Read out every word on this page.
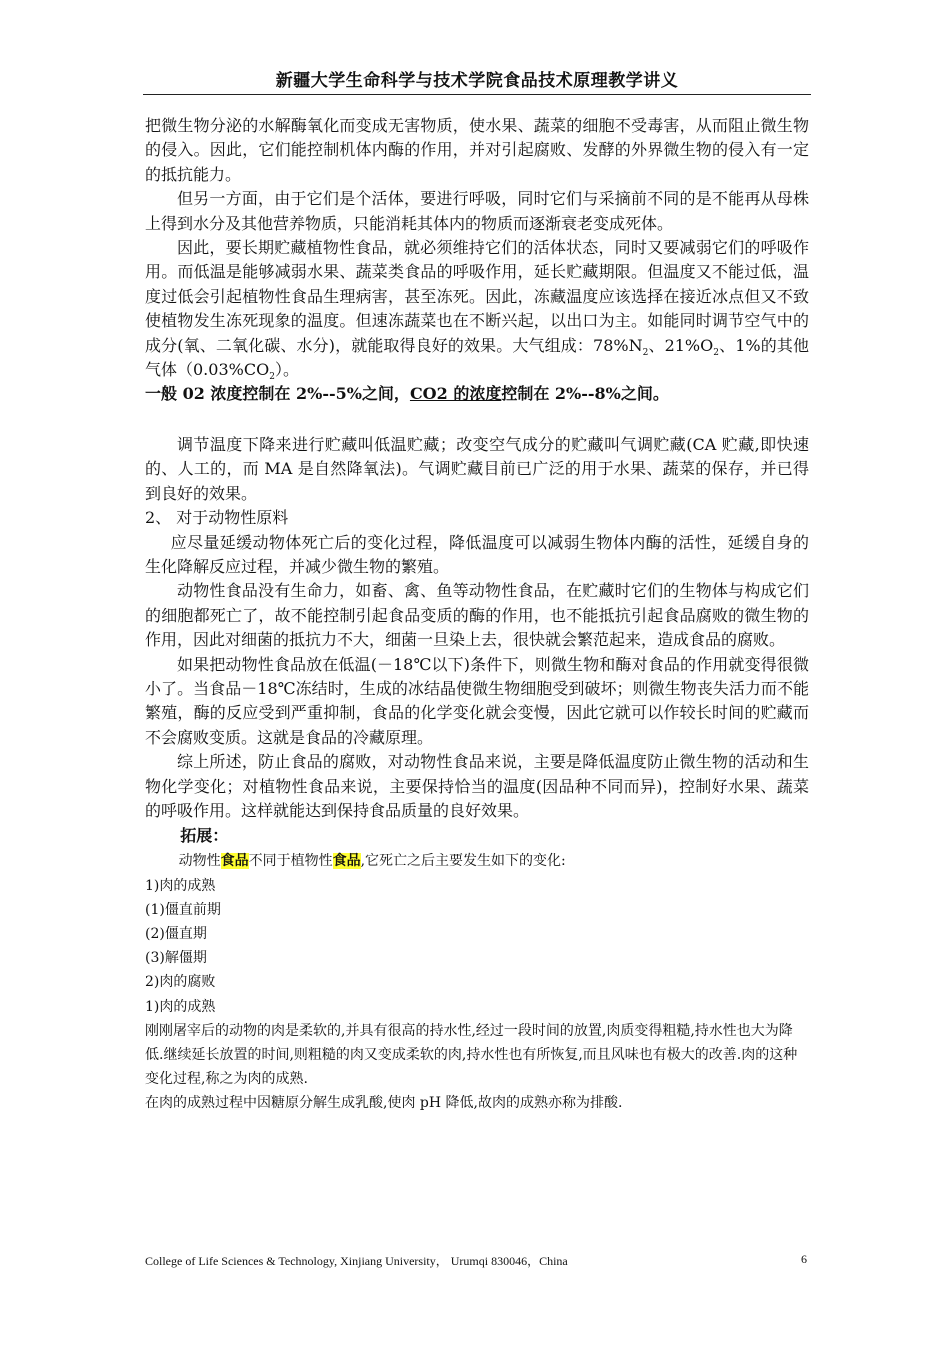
新疆大学生命科学与技术学院食品技术原理教学讲义

把微生物分泌的水解酶氧化而变成无害物质，使水果、蔬菜的细胞不受毒害，从而阻止微生物的侵入。因此，它们能控制机体内酶的作用，并对引起腐败、发酵的外界微生物的侵入有一定的抵抗能力。

但另一方面，由于它们是个活体，要进行呼吸，同时它们与采摘前不同的是不能再从母株上得到水分及其他营养物质，只能消耗其体内的物质而逐渐衰老变成死体。

因此，要长期贮藏植物性食品，就必须维持它们的活体状态，同时又要减弱它们的呼吸作用。而低温是能够减弱水果、蔬菜类食品的呼吸作用，延长贮藏期限。但温度又不能过低，温度过低会引起植物性食品生理病害，甚至冻死。因此，冻藏温度应该选择在接近冰点但又不致使植物发生冻死现象的温度。但速冻蔬菜也在不断兴起，以出口为主。如能同时调节空气中的成分(氧、二氧化碳、水分)，就能取得良好的效果。大气组成：$78\%N_2$、$21\%O_2$、1%的其他气体$(0.03\%CO_2)$。

一般 02 浓度控制在 2%--5%之间，CO2 的浓度控制在 2%--8%之间。

调节温度下降来进行贮藏叫低温贮藏；改变空气成分的贮藏叫气调贮藏(CA 贮藏,即快速的、人工的，而 MA 是自然降氧法)。气调贮藏目前已广泛的用于水果、蔬菜的保存，并已得到良好的效果。

2、 对于动物性原料

应尽量延缓动物体死亡后的变化过程，降低温度可以减弱生物体内酶的活性，延缓自身的生化降解反应过程，并减少微生物的繁殖。

动物性食品没有生命力，如畜、禽、鱼等动物性食品，在贮藏时它们的生物体与构成它们的细胞都死亡了，故不能控制引起食品变质的酶的作用，也不能抵抗引起食品腐败的微生物的作用，因此对细菌的抵抗力不大，细菌一旦染上去，很快就会繁范起来，造成食品的腐败。

如果把动物性食品放在低温(－18℃以下)条件下，则微生物和酶对食品的作用就变得很微小了。当食品－18℃冻结时，生成的冰结晶使微生物细胞受到破坏；则微生物丧失活力而不能繁殖，酶的反应受到严重抑制，食品的化学变化就会变慢，因此它就可以作较长时间的贮藏而不会腐败变质。这就是食品的冷藏原理。

综上所述，防止食品的腐败，对动物性食品来说，主要是降低温度防止微生物的活动和生物化学变化；对植物性食品来说，主要保持恰当的温度(因品种不同而异)，控制好水果、蔬菜的呼吸作用。这样就能达到保持食品质量的良好效果。

拓展：

动物性食品不同于植物性食品,它死亡之后主要发生如下的变化:

1)肉的成熟

(1)僵直前期

(2)僵直期

(3)解僵期

2)肉的腐败

1)肉的成熟

刚刚屠宰后的动物的肉是柔软的,并具有很高的持水性,经过一段时间的放置,肉质变得粗糙,持水性也大为降低.继续延长放置的时间,则粗糙的肉又变成柔软的肉,持水性也有所恢复,而且风味也有极大的改善.肉的这种变化过程,称之为肉的成熟.

在肉的成熟过程中因糖原分解生成乳酸,使肉 pH 降低,故肉的成熟亦称为排酸.

College of Life Sciences & Technology, Xinjiang University， Urumqi 830046，China	6
